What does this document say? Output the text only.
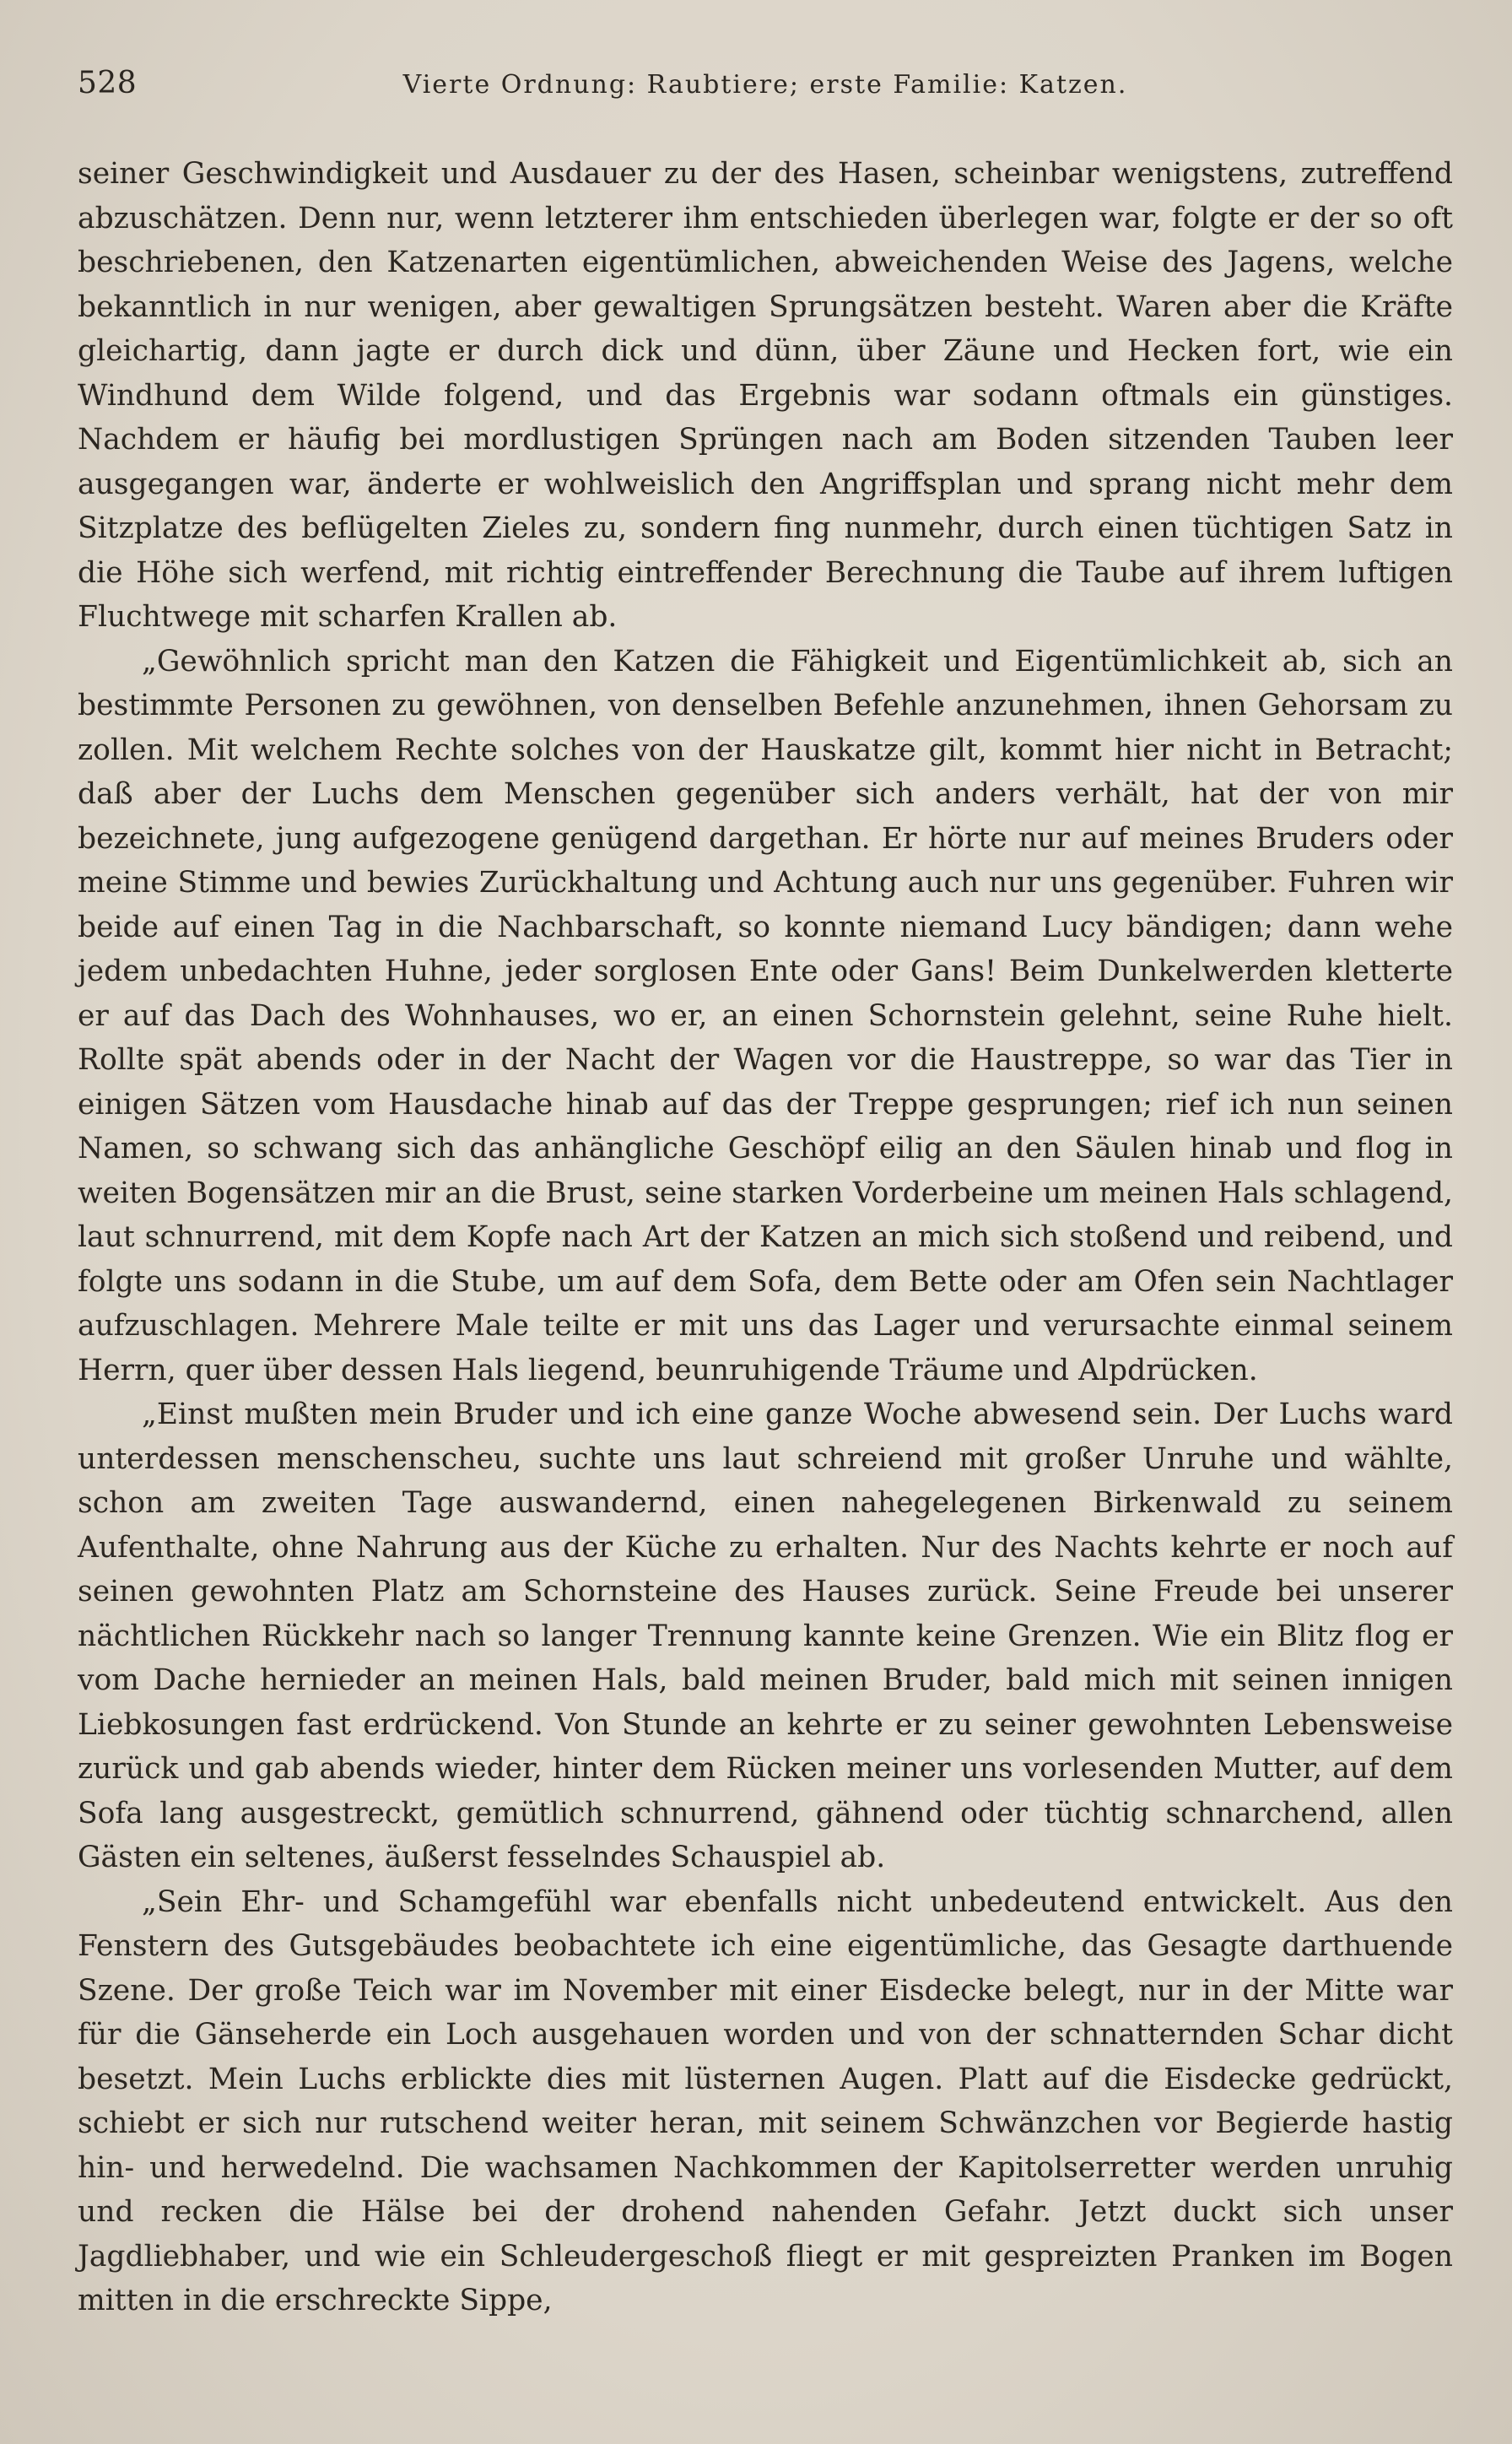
528	Vierte Ordnung: Raubtiere; erste Familie: Katzen.

seiner Geschwindigkeit und Ausdauer zu der des Hasen, scheinbar wenigstens, zutreffend abzuschätzen. Denn nur, wenn letzterer ihm entschieden überlegen war, folgte er der so oft beschriebenen, den Katzenarten eigentümlichen, abweichenden Weise des Jagens, welche bekanntlich in nur wenigen, aber gewaltigen Sprungsätzen besteht. Waren aber die Kräfte gleichartig, dann jagte er durch dick und dünn, über Zäune und Hecken fort, wie ein Windhund dem Wilde folgend, und das Ergebnis war sodann oftmals ein günstiges. Nachdem er häufig bei mordlustigen Sprüngen nach am Boden sitzenden Tauben leer ausgegangen war, änderte er wohlweislich den Angriffsplan und sprang nicht mehr dem Sitzplatze des beflügelten Zieles zu, sondern fing nunmehr, durch einen tüchtigen Satz in die Höhe sich werfend, mit richtig eintreffender Berechnung die Taube auf ihrem luftigen Fluchtwege mit scharfen Krallen ab.

„Gewöhnlich spricht man den Katzen die Fähigkeit und Eigentümlichkeit ab, sich an bestimmte Personen zu gewöhnen, von denselben Befehle anzunehmen, ihnen Gehorsam zu zollen. Mit welchem Rechte solches von der Hauskatze gilt, kommt hier nicht in Betracht; daß aber der Luchs dem Menschen gegenüber sich anders verhält, hat der von mir bezeichnete, jung aufgezogene genügend dargethan. Er hörte nur auf meines Bruders oder meine Stimme und bewies Zurückhaltung und Achtung auch nur uns gegenüber. Fuhren wir beide auf einen Tag in die Nachbarschaft, so konnte niemand Lucy bändigen; dann wehe jedem unbedachten Huhne, jeder sorglosen Ente oder Gans! Beim Dunkelwerden kletterte er auf das Dach des Wohnhauses, wo er, an einen Schornstein gelehnt, seine Ruhe hielt. Rollte spät abends oder in der Nacht der Wagen vor die Haustreppe, so war das Tier in einigen Sätzen vom Hausdache hinab auf das der Treppe gesprungen; rief ich nun seinen Namen, so schwang sich das anhängliche Geschöpf eilig an den Säulen hinab und flog in weiten Bogensätzen mir an die Brust, seine starken Vorderbeine um meinen Hals schlagend, laut schnurrend, mit dem Kopfe nach Art der Katzen an mich sich stoßend und reibend, und folgte uns sodann in die Stube, um auf dem Sofa, dem Bette oder am Ofen sein Nachtlager aufzuschlagen. Mehrere Male teilte er mit uns das Lager und verursachte einmal seinem Herrn, quer über dessen Hals liegend, beunruhigende Träume und Alpdrücken.

„Einst mußten mein Bruder und ich eine ganze Woche abwesend sein. Der Luchs ward unterdessen menschenscheu, suchte uns laut schreiend mit großer Unruhe und wählte, schon am zweiten Tage auswandernd, einen nahegelegenen Birkenwald zu seinem Aufenthalte, ohne Nahrung aus der Küche zu erhalten. Nur des Nachts kehrte er noch auf seinen gewohnten Platz am Schornsteine des Hauses zurück. Seine Freude bei unserer nächtlichen Rückkehr nach so langer Trennung kannte keine Grenzen. Wie ein Blitz flog er vom Dache hernieder an meinen Hals, bald meinen Bruder, bald mich mit seinen innigen Liebkosungen fast erdrückend. Von Stunde an kehrte er zu seiner gewohnten Lebensweise zurück und gab abends wieder, hinter dem Rücken meiner uns vorlesenden Mutter, auf dem Sofa lang ausgestreckt, gemütlich schnurrend, gähnend oder tüchtig schnarchend, allen Gästen ein seltenes, äußerst fesselndes Schauspiel ab.

„Sein Ehr- und Schamgefühl war ebenfalls nicht unbedeutend entwickelt. Aus den Fenstern des Gutsgebäudes beobachtete ich eine eigentümliche, das Gesagte darthuende Szene. Der große Teich war im November mit einer Eisdecke belegt, nur in der Mitte war für die Gänseherde ein Loch ausgehauen worden und von der schnatternden Schar dicht besetzt. Mein Luchs erblickte dies mit lüsternen Augen. Platt auf die Eisdecke gedrückt, schiebt er sich nur rutschend weiter heran, mit seinem Schwänzchen vor Begierde hastig hin- und herwedelnd. Die wachsamen Nachkommen der Kapitolserretter werden unruhig und recken die Hälse bei der drohend nahenden Gefahr. Jetzt duckt sich unser Jagdliebhaber, und wie ein Schleudergeschoß fliegt er mit gespreizten Pranken im Bogen mitten in die erschreckte Sippe,
